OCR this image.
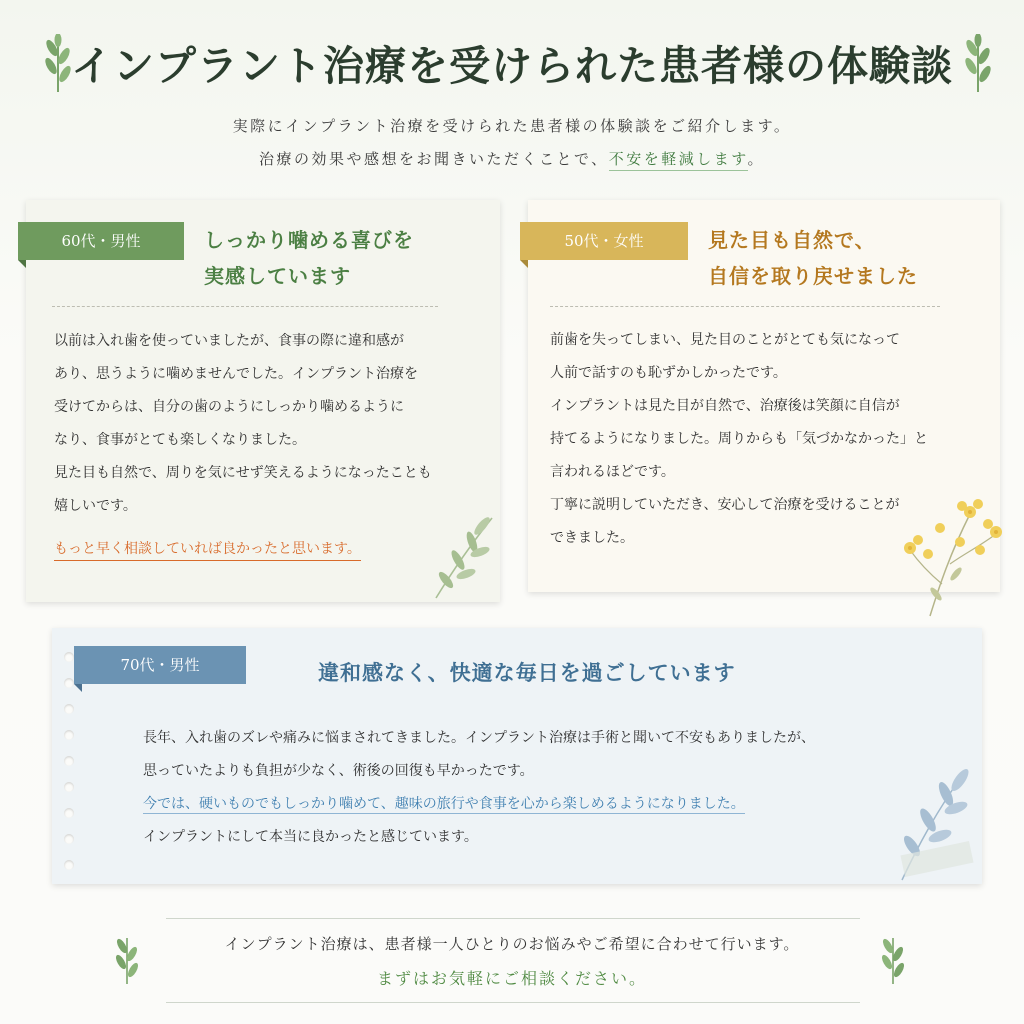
インプラント治療を受けられた患者様の体験談
実際にインプラント治療を受けられた患者様の体験談をご紹介します。
治療の効果や感想をお聞きいただくことで、不安を軽減します。
60代・男性	しっかり噛める喜びを
実感しています
以前は入れ歯を使っていましたが、食事の際に違和感が
あり、思うように噛めませんでした。インプラント治療を
受けてからは、自分の歯のようにしっかり噛めるように
なり、食事がとても楽しくなりました。
見た目も自然で、周りを気にせず笑えるようになったことも
嬉しいです。
もっと早く相談していれば良かったと思います。
50代・女性	見た目も自然で、
自信を取り戻せました
前歯を失ってしまい、見た目のことがとても気になって
人前で話すのも恥ずかしかったです。
インプラントは見た目が自然で、治療後は笑顔に自信が
持てるようになりました。周りからも「気づかなかった」と
言われるほどです。
丁寧に説明していただき、安心して治療を受けることが
できました。
70代・男性	違和感なく、快適な毎日を過ごしています
長年、入れ歯のズレや痛みに悩まされてきました。インプラント治療は手術と聞いて不安もありましたが、
思っていたよりも負担が少なく、術後の回復も早かったです。
今では、硬いものでもしっかり噛めて、趣味の旅行や食事を心から楽しめるようになりました。
インプラントにして本当に良かったと感じています。
インプラント治療は、患者様一人ひとりのお悩みやご希望に合わせて行います。
まずはお気軽にご相談ください。
